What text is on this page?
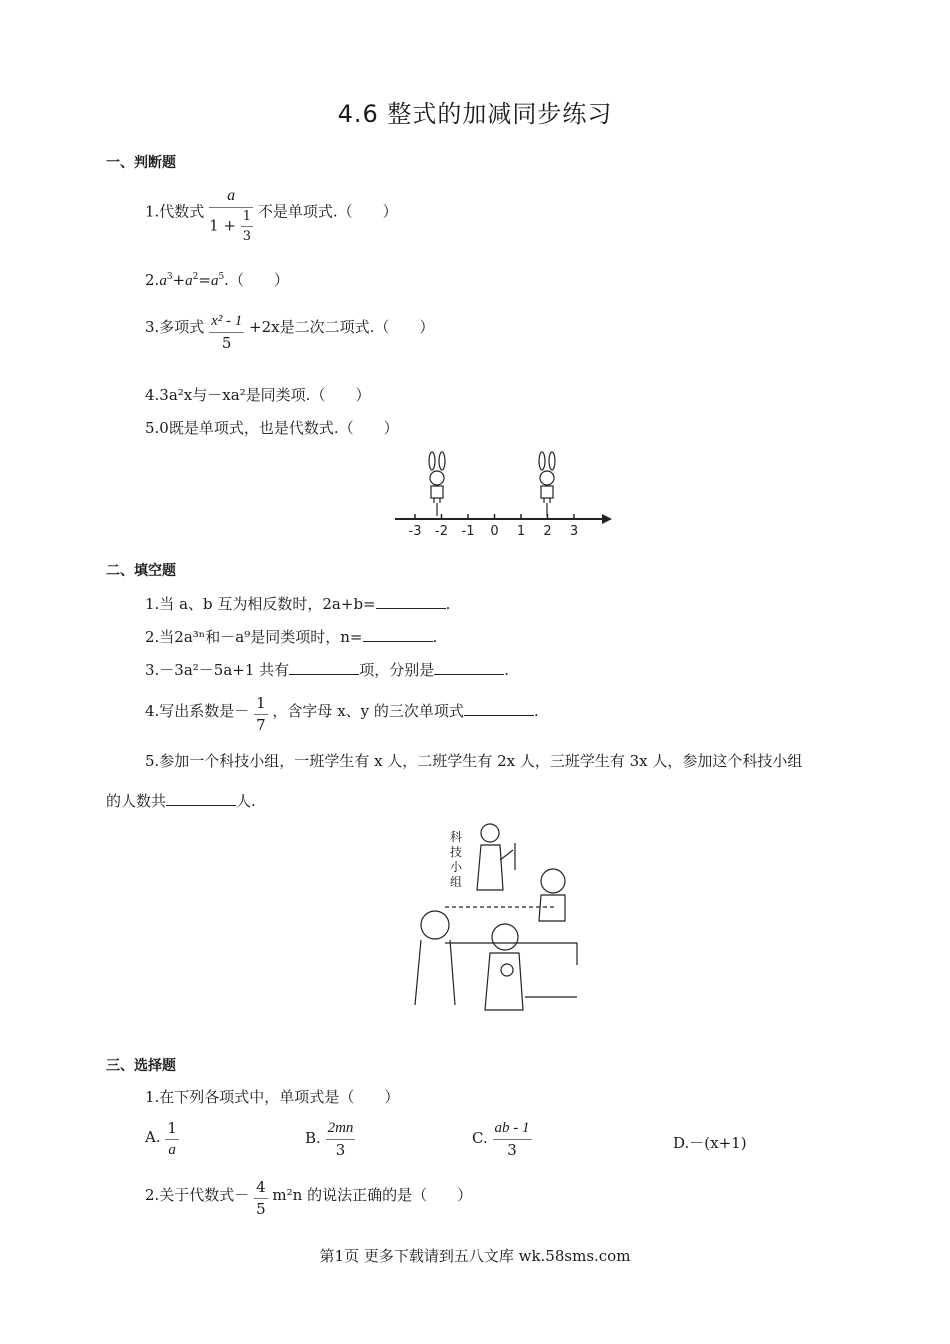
4.6 整式的加减同步练习
一、判断题
1.代数式 $\frac{a}{1 + \frac{1}{3}}$ 不是单项式.（　　）
$2.a^3+a^2=a^5$.（　　）
3.多项式 $\frac{\text{x² - 1}}{5} +2x$是二次二项式.（　　）
4.3a²x与－xa²是同类项.（　　）
5.0既是单项式，也是代数式.（　　）
-3 -2 -1 0 1 2 3
二、填空题
1.当 a、b 互为相反数时，2a+b=	.
2.当2a³ⁿ和－a⁹是同类项时，n=	.
3.－3a²－5a+1 共有	项，分别是	.
4.写出系数是－ $\frac{1}{7}$ ，含字母 x、y 的三次单项式	.
5.参加一个科技小组，一班学生有 x 人，二班学生有 2x 人，三班学生有 3x 人，参加这个科技小组
的人数共	人.
科技小组
三、选择题
1.在下列各项式中，单项式是（　　）
A. $\frac{1}{a}$	B. $\frac{2mn}{3}$	C. $\frac{ab - 1}{3}$	D.－(x+1)
2.关于代数式－ $\frac{4}{5} m^2n$ 的说法正确的是（　　）
第1页 更多下载请到五八文库 wk.58sms.com
